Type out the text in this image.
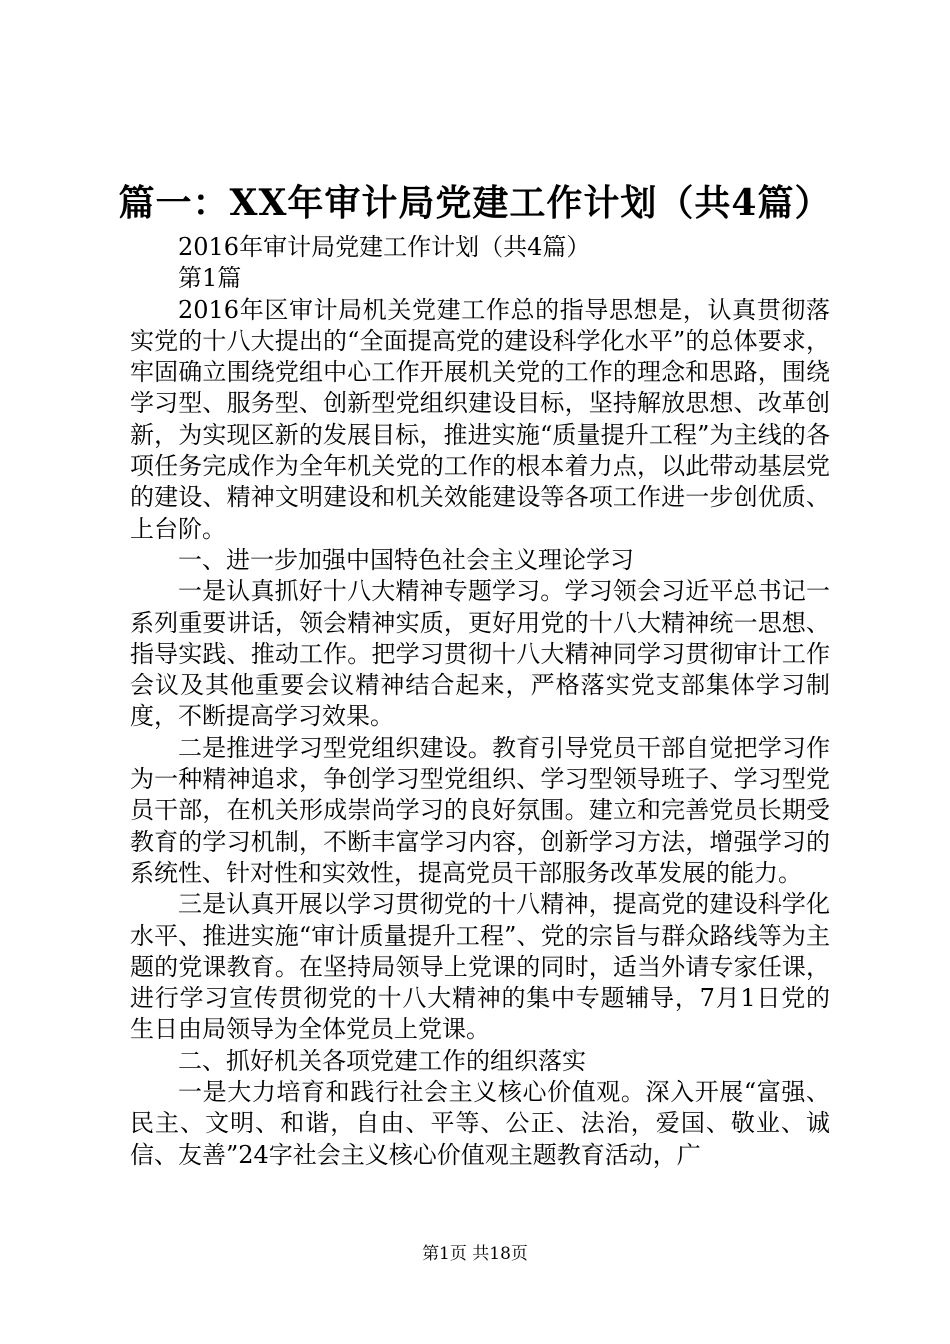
篇一：XX年审计局党建工作计划（共4篇）

2016年审计局党建工作计划（共4篇）

第1篇

2016年区审计局机关党建工作总的指导思想是，认真贯彻落实党的十八大提出的“全面提高党的建设科学化水平”的总体要求，牢固确立围绕党组中心工作开展机关党的工作的理念和思路，围绕学习型、服务型、创新型党组织建设目标，坚持解放思想、改革创新，为实现区新的发展目标，推进实施“质量提升工程”为主线的各项任务完成作为全年机关党的工作的根本着力点，以此带动基层党的建设、精神文明建设和机关效能建设等各项工作进一步创优质、上台阶。

一、进一步加强中国特色社会主义理论学习

一是认真抓好十八大精神专题学习。学习领会习近平总书记一系列重要讲话，领会精神实质，更好用党的十八大精神统一思想、指导实践、推动工作。把学习贯彻十八大精神同学习贯彻审计工作会议及其他重要会议精神结合起来，严格落实党支部集体学习制度，不断提高学习效果。

二是推进学习型党组织建设。教育引导党员干部自觉把学习作为一种精神追求，争创学习型党组织、学习型领导班子、学习型党员干部，在机关形成崇尚学习的良好氛围。建立和完善党员长期受教育的学习机制，不断丰富学习内容，创新学习方法，增强学习的系统性、针对性和实效性，提高党员干部服务改革发展的能力。

三是认真开展以学习贯彻党的十八精神，提高党的建设科学化水平、推进实施“审计质量提升工程”、党的宗旨与群众路线等为主题的党课教育。在坚持局领导上党课的同时，适当外请专家任课，进行学习宣传贯彻党的十八大精神的集中专题辅导，7月1日党的生日由局领导为全体党员上党课。

二、抓好机关各项党建工作的组织落实

一是大力培育和践行社会主义核心价值观。深入开展“富强、民主、文明、和谐，自由、平等、公正、法治，爱国、敬业、诚信、友善”24字社会主义核心价值观主题教育活动，广

第1页 共18页
